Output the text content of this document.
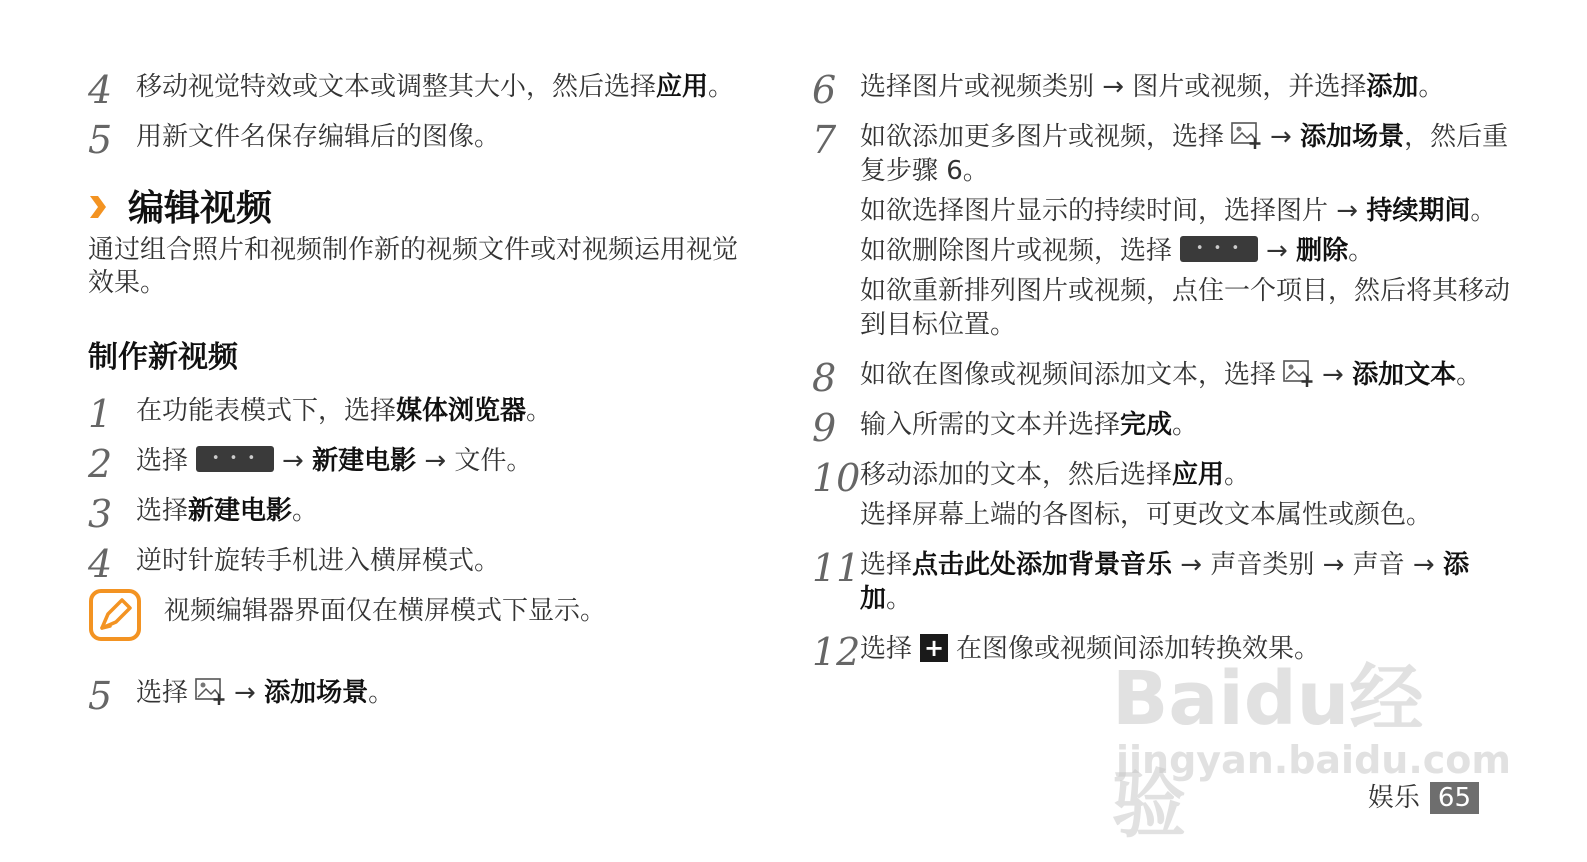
4 移动视觉特效或文本或调整其大小，然后选择应用。

5 用新文件名保存编辑后的图像。

编辑视频

通过组合照片和视频制作新的视频文件或对视频运用视觉效果。

制作新视频
1 在功能表模式下，选择媒体浏览器。

2 选择	• • • → 新建电影 → 文件。

3 选择新建电影。

4 逆时针旋转手机进入横屏模式。

视频编辑器界面仅在横屏模式下显示。
5 选择 → 添加场景。

6 选择图片或视频类别 → 图片或视频，并选择添加。

7 如欲添加更多图片或视频，选择 → 添加场景，然后重复步骤 6。

如欲选择图片显示的持续时间，选择图片 → 持续期间。

如欲删除图片或视频，选择	• • • → 删除。

如欲重新排列图片或视频，点住一个项目，然后将其移动到目标位置。

8 如欲在图像或视频间添加文本，选择 → 添加文本。

9 输入所需的文本并选择完成。

10 移动添加的文本，然后选择应用。

选择屏幕上端的各图标，可更改文本属性或颜色。

11 选择点击此处添加背景音乐 → 声音类别 → 声音 → 添加。

12 选择 + 在图像或视频间添加转换效果。

Baidu经验
jingyan.baidu.com
娱乐 65
